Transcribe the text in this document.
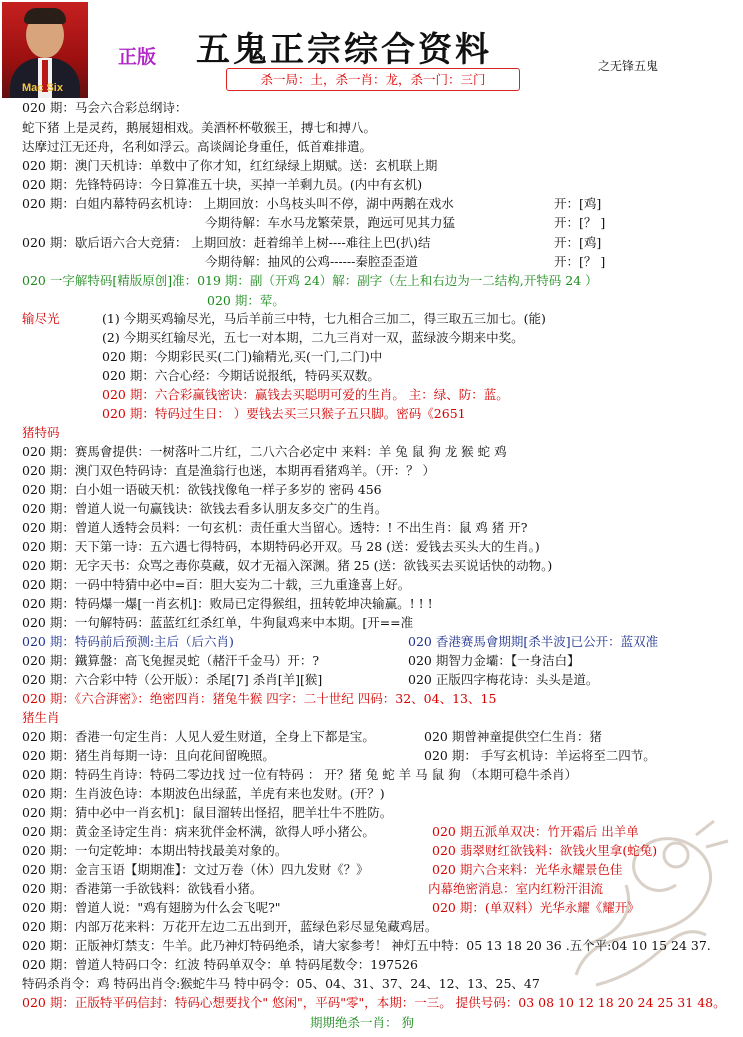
Mac Six
正版 五鬼正宗综合资料
杀一局：土，杀一肖：龙，杀一门：三门
之无锋五鬼
020 期：马会六合彩总纲诗：
蛇下猪 上是灵药，鹅展翅相戏。美酒杯杯敬猴王，搏七和搏八。
达摩过江无还舟，名利如浮云。高谈阔论身重任，低首难排遣。
020 期：澳门天机诗：单数中了你才知，红红绿绿上期赋。送：玄机联上期
020 期：先锋特码诗：今日算准五十块，买掉一羊剩九员。(内中有玄机)
020 期：白姐内幕特码玄机诗： 上期回放：小鸟枝头叫不停，湖中两鹅在戏水	开：[鸡]
今期待解：车水马龙繁荣景，跑远可见其力猛	开：[？ ]
020 期：歇后语六合大竞猜： 上期回放：赶着绵羊上树----难往上巴(扒)结	开：[鸡]
今期待解：抽风的公鸡------秦腔歪歪道	开：[？ ]
020 一字解特码[精版原创]准：019 期：副（开鸡 24）解：副字（左上和右边为一二结构,开特码 24 ）
020 期：荤。
输尽光	(1) 今期买鸡输尽光，马后羊前三中特，七九相合三加二，得三取五三加七。(能)
(2) 今期买红输尽光，五七一对本期，二九三肖对一双，蓝绿波今期来中奖。
020 期：今期彩民买(二门)输精光,买(一门,二门)中
020 期：六合心经：今期话说报纸，特码买双数。
020 期：六合彩赢钱密诀：赢钱去买聪明可爱的生肖。 主：绿、防：蓝。
020 期：特码过生日： ）要钱去买三只猴子五只脚。密码《2651
猪特码
020 期：赛馬會提供：一树落叶二片红，二八六合必定中 来料：羊 兔 鼠 狗 龙 猴 蛇 鸡
020 期：澳门双色特码诗：直是渔翁行也迷，本期再看猪鸡羊。（开：？ ）
020 期：白小姐一语破天机：欲钱找像龟一样子多岁的 密码 456
020 期：曾道人说一句赢钱诀：欲钱去看多认朋友多交广的生肖。
020 期：曾道人透特会员料：一句玄机：责任重大当留心。透特：! 不出生肖：鼠 鸡 猪 开?
020 期：天下第一诗：五六遇七得特码，本期特码必开双。马 28 (送：爱钱去买头大的生肖。)
020 期：无字天书：众骂之毒你莫藏，奴才无福入深渊。猪 25 (送：欲钱买去买说话快的动物。)
020 期：一码中特猜中必中=百：胆大妄为二十载，三九重逢喜上好。
020 期：特码爆一爆[一肖玄机]：败局已定得猴组，扭转乾坤决输赢。! ! !
020 期：一句解特码：蓝蓝红红杀红单，牛狗鼠鸡来中本期。[开==准
020 期：特码前后预测:主后（后六肖)	020 香港赛馬會期期[杀半波]已公开：蓝双准
020 期：鐵算盤：高飞兔握灵蛇（赭汗千金马）开：?	020 期智力金壩：【一身洁白】
020 期：六合彩中特（公开版）：杀尾[7] 杀肖[羊][猴]	020 正版四字梅花诗：头头是道。
020 期：《六合湃密》：绝密四肖：猪兔牛猴 四字：二十世纪 四码：32、04、13、15
猪生肖
020 期：香港一句定生肖：人见人爱生财道，全身上下都是宝。	020 期曾神童提供空仁生肖：猪
020 期：猪生肖每期一诗：且向花间留晚照。	020 期： 手写玄机诗：羊运将至二四节。
020 期：特码生肖诗：特码二零边找 过一位有特码 ： 开？猪 兔 蛇 羊 马 鼠 狗 （本期可稳牛杀肖）
020 期：生肖波色诗：本期波色出绿蓝，羊虎有来也发财。(开？)
020 期：猜中必中一肖玄机]：鼠目溜转出怪招，肥羊壮牛不胜防。
020 期：黄金圣诗定生肖：病来犹伴金杯满，欲得人呼小猪公。	020 期五派单双决：竹开霜后 出羊单
020 期：一句定乾坤：本期出特找最美对象的。	020 翡翠财红欲钱料：欲钱火里拿(蛇兔)
020 期：金言玉语【期期准】：文过万卷（休）四九发财《？》	020 期六合来料：光华永耀景色佳
020 期：香港第一手欲钱料：欲钱看小猪。	内幕绝密消息：室内红粉汗泪流
020 期：曾道人说："鸡有翅膀为什么会飞呢?"	020 期：(单双料）光华永耀《耀开》
020 期：内部万花来料：万花开左边二五出到开，蓝绿色彩尽显兔藏鸡居。
020 期：正版神灯禁支：牛羊。此乃神灯特码绝杀，请大家参考！ 神灯五中特：05 13 18 20 36 .五个平:04 10 15 24 37.
020 期：曾道人特码口令：红波 特码单双令：单 特码尾数令：197526
特码杀肖令：鸡 特码出肖令:猴蛇牛马 特中码令：05、04、31、37、24、12、13、25、47
020 期：正版特平码信封：特码心想要找个" 悠闲"，平码"零"，本期：一三。 提供号码：03 08 10 12 18 20 24 25 31 48。
期期绝杀一肖： 狗
